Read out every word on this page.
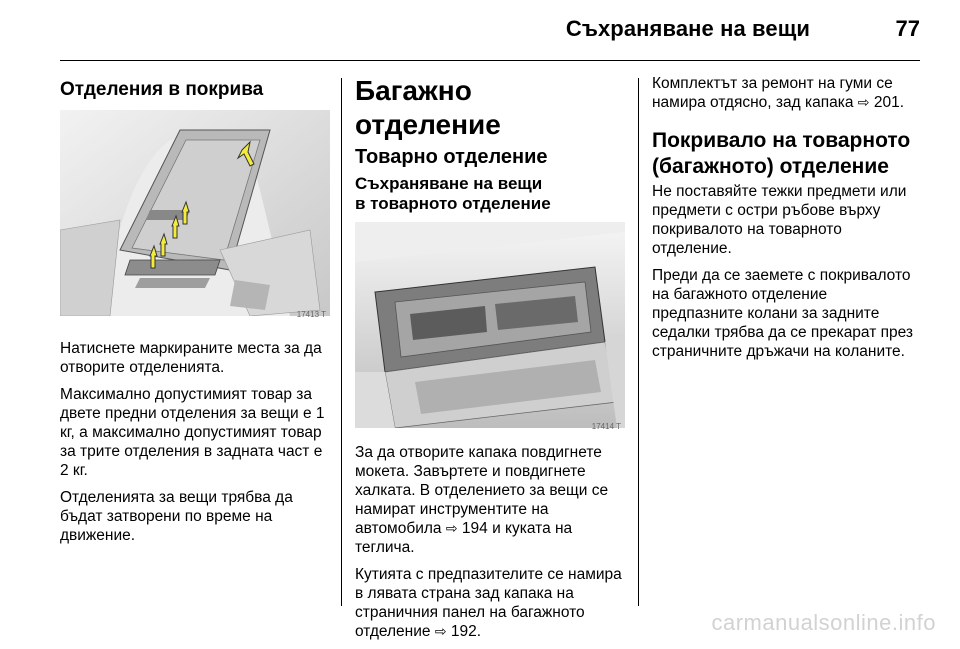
Съхраняване на вещи	77
Отделения в покрива
17413 T

Натиснете маркираните места за да отворите отделенията.

Максимално допустимият товар за двете предни отделения за вещи е 1 кг, а максимално допустимият товар за трите отделения в задната част е 2 кг.

Отделенията за вещи трябва да бъдат затворени по време на движение.

Багажно отделение
Товарно отделение
Съхраняване на вещи
в товарното отделение
17414 T

За да отворите капака повдигнете мокета. Завъртете и повдигнете халката. В отделението за вещи се намират инструментите на автомобила ⇨ 194 и куката на теглича.

Кутията с предпазителите се намира в лявата страна зад капака на страничния панел на багажното отделение ⇨ 192.

Комплектът за ремонт на гуми се намира отдясно, зад капака ⇨ 201.

Покривало на товарното
(багажното) отделение

Не поставяйте тежки предмети или предмети с остри ръбове върху покривалото на товарното отделение.

Преди да се заемете с покривалото на багажното отделение предпазните колани за задните седалки трябва да се прекарат през страничните дръжачи на коланите.

carmanualsonline.info
